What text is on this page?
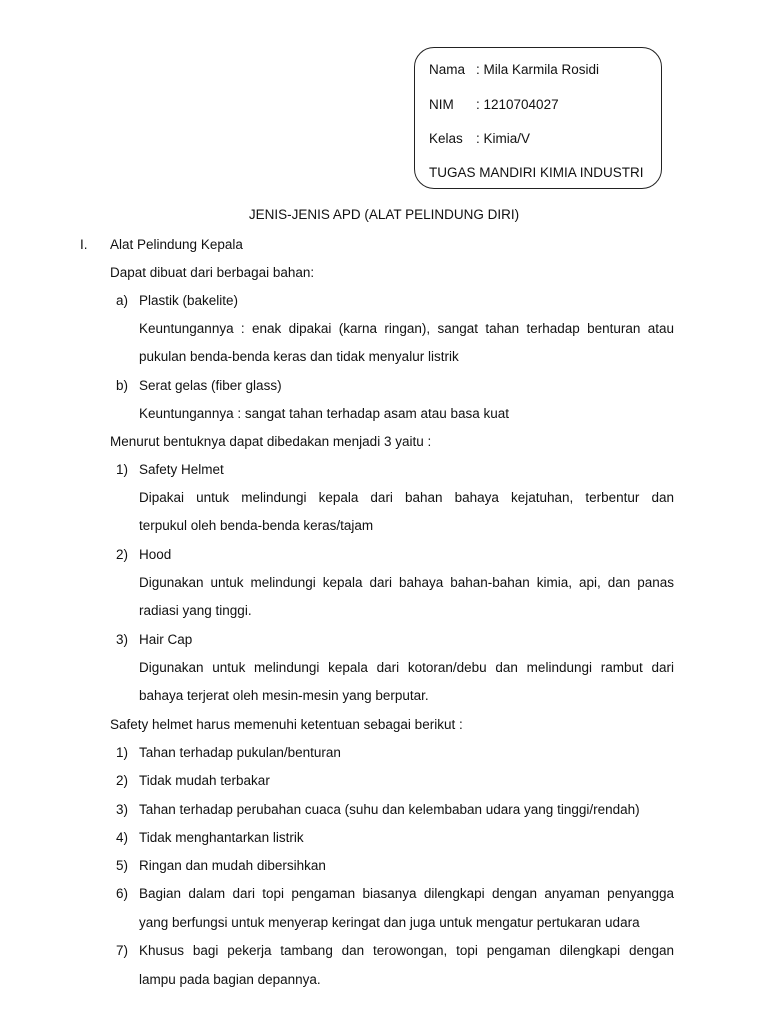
Nama : Mila Karmila Rosidi
NIM : 1210704027
Kelas : Kimia/V
TUGAS MANDIRI KIMIA INDUSTRI
JENIS-JENIS APD (ALAT PELINDUNG DIRI)
I. Alat Pelindung Kepala
Dapat dibuat dari berbagai bahan:
a) Plastik (bakelite)
Keuntungannya : enak dipakai (karna ringan), sangat tahan terhadap benturan atau
pukulan benda-benda keras dan tidak menyalur listrik
b) Serat gelas (fiber glass)
Keuntungannya : sangat tahan terhadap asam atau basa kuat
Menurut bentuknya dapat dibedakan menjadi 3 yaitu :
1) Safety Helmet
Dipakai untuk melindungi kepala dari bahan bahaya kejatuhan, terbentur dan
terpukul oleh benda-benda keras/tajam
2) Hood
Digunakan untuk melindungi kepala dari bahaya bahan-bahan kimia, api, dan panas
radiasi yang tinggi.
3) Hair Cap
Digunakan untuk melindungi kepala dari kotoran/debu dan melindungi rambut dari
bahaya terjerat oleh mesin-mesin yang berputar.
Safety helmet harus memenuhi ketentuan sebagai berikut :
1) Tahan terhadap pukulan/benturan
2) Tidak mudah terbakar
3) Tahan terhadap perubahan cuaca (suhu dan kelembaban udara yang tinggi/rendah)
4) Tidak menghantarkan listrik
5) Ringan dan mudah dibersihkan
6) Bagian dalam dari topi pengaman biasanya dilengkapi dengan anyaman penyangga
yang berfungsi untuk menyerap keringat dan juga untuk mengatur pertukaran udara
7) Khusus bagi pekerja tambang dan terowongan, topi pengaman dilengkapi dengan
lampu pada bagian depannya.
